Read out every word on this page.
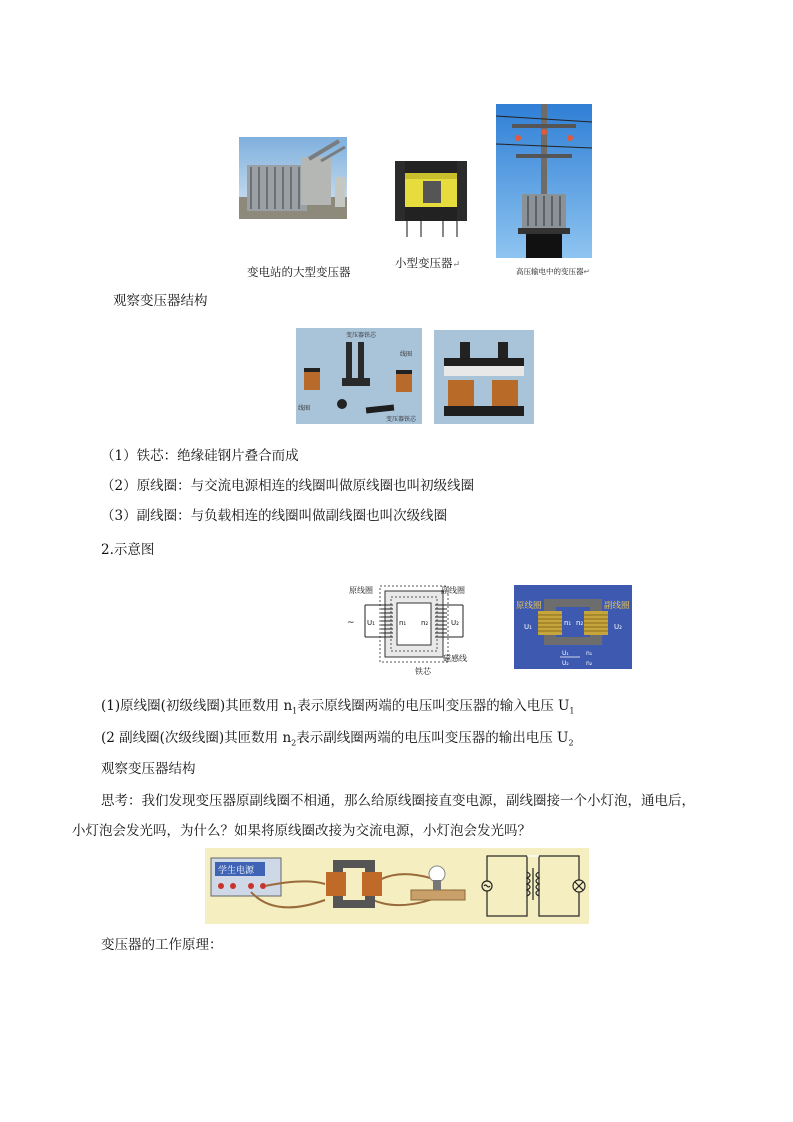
变电站的大型变压器
小型变压器↵
高压输电中的变压器↵
观察变压器结构
变压器铁芯
线圈
线圈
变压器铁芯
（1）铁芯：绝缘硅钢片叠合而成
（2）原线圈：与交流电源相连的线圈叫做原线圈也叫初级线圈
（3）副线圈：与负载相连的线圈叫做副线圈也叫次级线圈
2.示意图
原线圈	副线圈
~ U₁	U₂
n₁ n₂
磁感线
铁芯
原线圈	副线圈
U₁	U₂
n₁ n₂
U₁
U₂
n₁
n₂
(1)原线圈(初级线圈)其匝数用 $n_1$表示原线圈两端的电压叫变压器的输入电压 $U_1$
(2 副线圈(次级线圈)其匝数用 $n_2$表示副线圈两端的电压叫变压器的输出电压 $U_2$
观察变压器结构
思考：我们发现变压器原副线圈不相通，那么给原线圈接直变电源，副线圈接一个小灯泡，通电后，
小灯泡会发光吗，为什么？如果将原线圈改接为交流电源，小灯泡会发光吗？
学生电源
变压器的工作原理：
